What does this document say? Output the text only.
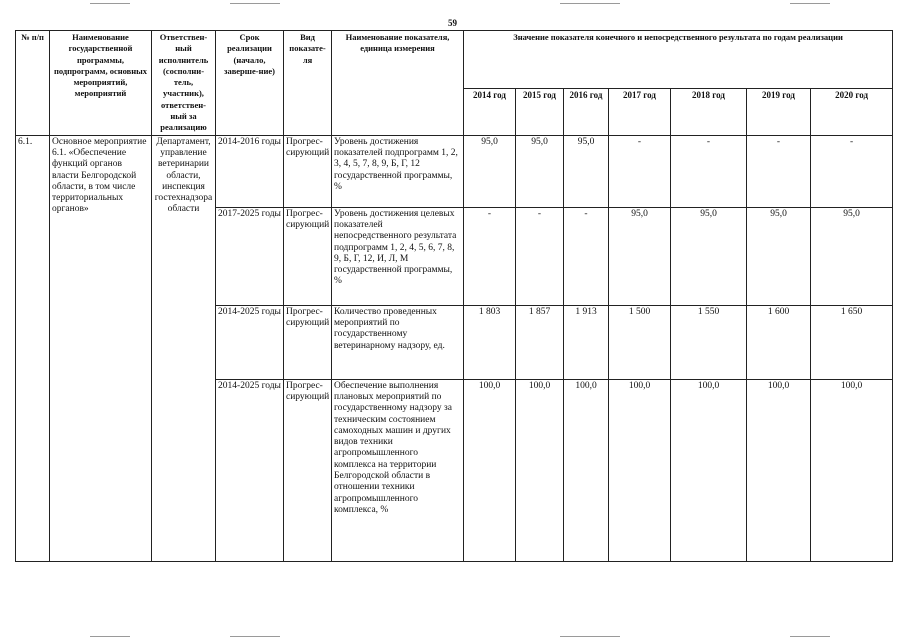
59
№ п/п	Наименование государственной программы, подпрограмм, основных мероприятий, мероприятий	Ответствен-ный исполнитель (сосполни-тель, участник), ответствен-ный за реализацию	Срок реализации (начало, заверше-ние)	Вид показате-ля	Наименование показателя, единица измерения	Значение показателя конечного и непосредственного результата по годам реализации						
						2014 год	2015 год	2016 год	2017 год	2018 год	2019 год	2020 год
6.1.	Основное мероприятие 6.1. «Обеспечение функций органов власти Белгородской области, в том числе территориальных органов»	Департамент, управление ветеринарии области, инспекция гостехнадзора области	2014-2016 годы	Прогрес-сирующий	Уровень достижения показателей подпрограмм 1, 2, 3, 4, 5, 7, 8, 9, Б, Г, 12 государственной программы, %	95,0	95,0	95,0	-	-	-	-
			2017-2025 годы	Прогрес-сирующий	Уровень достижения целевых показателей непосредственного результата подпрограмм 1, 2, 4, 5, 6, 7, 8, 9, Б, Г, 12, И, Л, М государственной программы, %	-	-	-	95,0	95,0	95,0	95,0
			2014-2025 годы	Прогрес-сирующий	Количество проведенных мероприятий по государственному ветеринарному надзору, ед.	1 803	1 857	1 913	1 500	1 550	1 600	1 650
			2014-2025 годы	Прогрес-сирующий	Обеспечение выполнения плановых мероприятий по государственному надзору за техническим состоянием самоходных машин и других видов техники агропромышленного комплекса на территории Белгородской области в отношении техники агропромышленного комплекса, %	100,0	100,0	100,0	100,0	100,0	100,0	100,0
